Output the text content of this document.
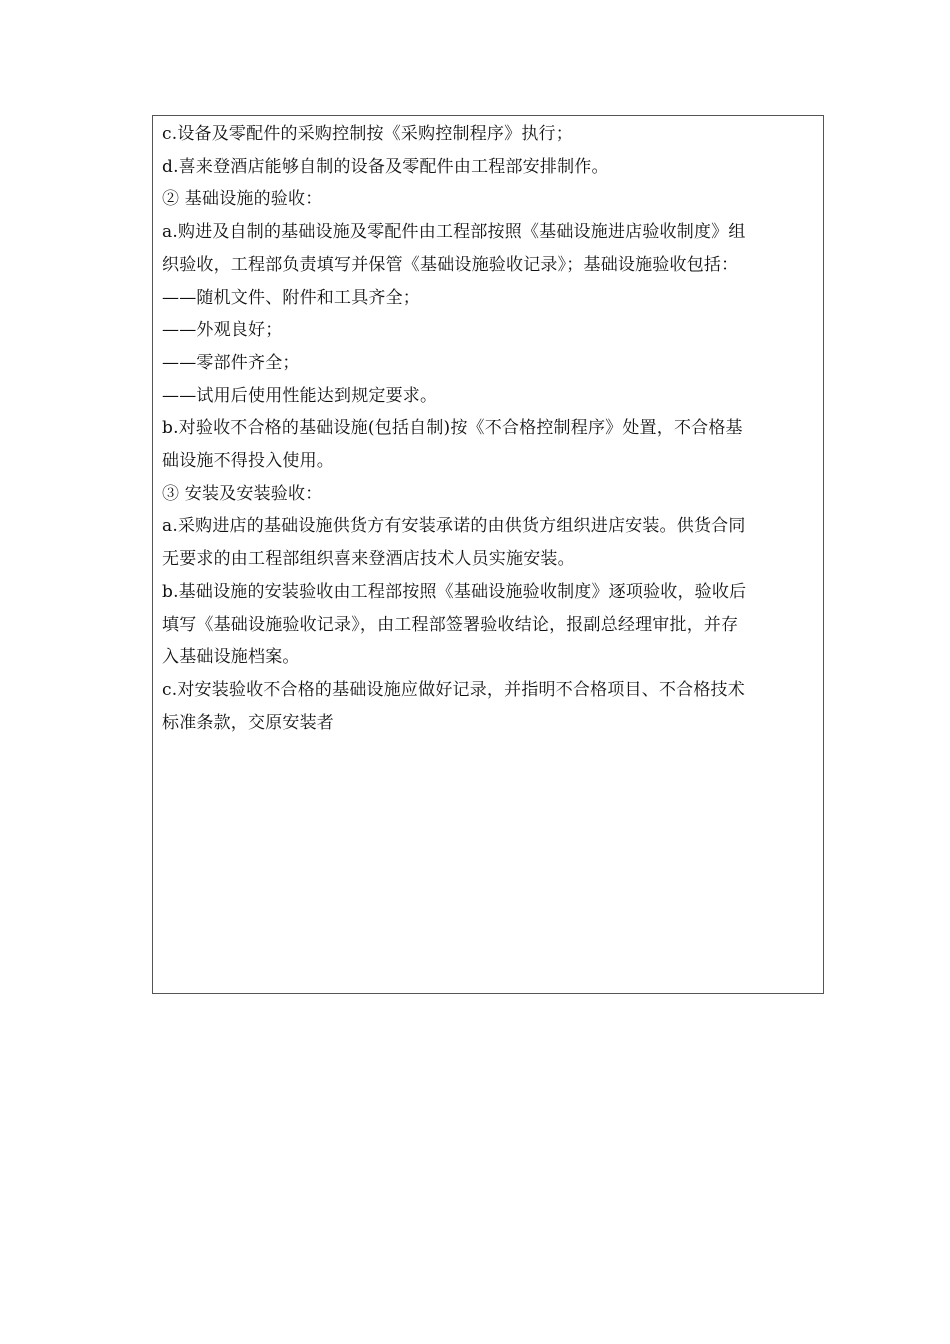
c.设备及零配件的采购控制按《采购控制程序》执行；
d.喜来登酒店能够自制的设备及零配件由工程部安排制作。
② 基础设施的验收：
a.购进及自制的基础设施及零配件由工程部按照《基础设施进店验收制度》组
织验收，工程部负责填写并保管《基础设施验收记录》；基础设施验收包括：
——随机文件、附件和工具齐全；
——外观良好；
——零部件齐全；
——试用后使用性能达到规定要求。
b.对验收不合格的基础设施(包括自制)按《不合格控制程序》处置，不合格基
础设施不得投入使用。
③ 安装及安装验收：
a.采购进店的基础设施供货方有安装承诺的由供货方组织进店安装。供货合同
无要求的由工程部组织喜来登酒店技术人员实施安装。
b.基础设施的安装验收由工程部按照《基础设施验收制度》逐项验收，验收后
填写《基础设施验收记录》，由工程部签署验收结论，报副总经理审批，并存
入基础设施档案。
c.对安装验收不合格的基础设施应做好记录，并指明不合格项目、不合格技术
标准条款，交原安装者
